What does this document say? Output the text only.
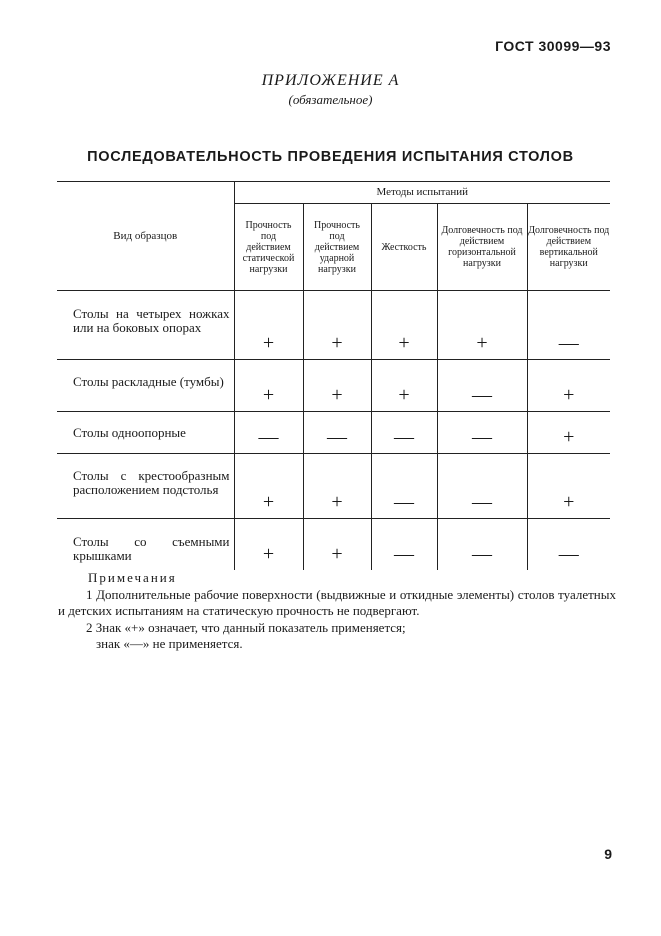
ГОСТ 30099—93
ПРИЛОЖЕНИЕ А
(обязательное)
ПОСЛЕДОВАТЕЛЬНОСТЬ ПРОВЕДЕНИЯ ИСПЫТАНИЯ СТОЛОВ
Вид образцов	Методы испытаний				
	Прочность под действием статической нагрузки	Прочность под действием ударной нагрузки	Жесткость	Долговечность под действием горизонтальной нагрузки	Долговечность под действием вертикальной нагрузки
Столы на четырех ножках или на боковых опорах	+	+	+	+	—
Столы раскладные (тумбы)	+	+	+	—	+
Столы одноопорные	—	—	—	—	+
Столы с крестообразным расположением подстолья	+	+	—	—	+
Столы со съемными крышками	+	+	—	—	—
Примечания
1 Дополнительные рабочие поверхности (выдвижные и откидные элементы) столов туалетных и детских испытаниям на статическую прочность не подвергают.
2 Знак «+» означает, что данный показатель применяется;
знак «—» не применяется.
9
